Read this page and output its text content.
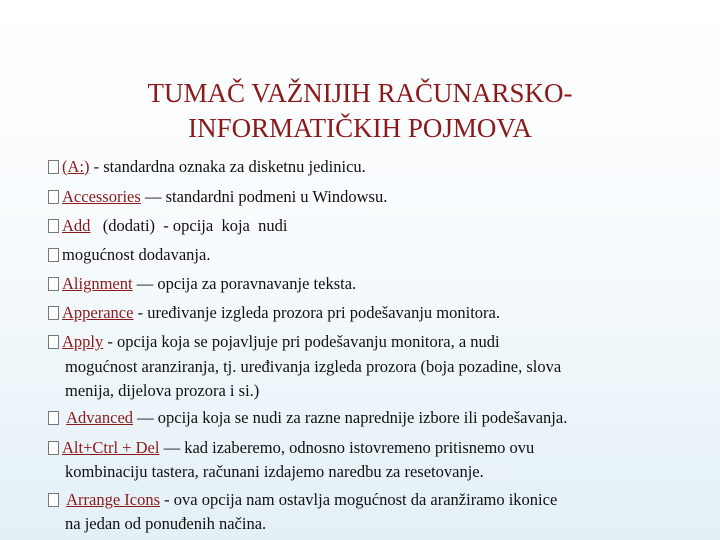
TUMAČ VAŽNIJIH RAČUNARSKO-
INFORMATIČKIH POJMOVA
(A:) - standardna oznaka za disketnu jedinicu.
Accessories — standardni podmeni u Windowsu.
Add   (dodati)  - opcija  koja  nudi
mogućnost dodavanja.
Alignment — opcija za poravnavanje teksta.
Apperance - uređivanje izgleda prozora pri podešavanju monitora.
Apply - opcija koja se pojavljuje pri podešavanju monitora, a nudi
mogućnost aranziranja, tj. uređivanja izgleda prozora (boja pozadine, slova
menija, dijelova prozora i si.)
Advanced — opcija koja se nudi za razne naprednije izbore ili podešavanja.
Alt+Ctrl + Del — kad izaberemo, odnosno istovremeno pritisnemo ovu
kombinaciju tastera, računani izdajemo naredbu za resetovanje.
Arrange Icons - ova opcija nam ostavlja mogućnost da aranžiramo ikonice
na jedan od ponuđenih načina.
